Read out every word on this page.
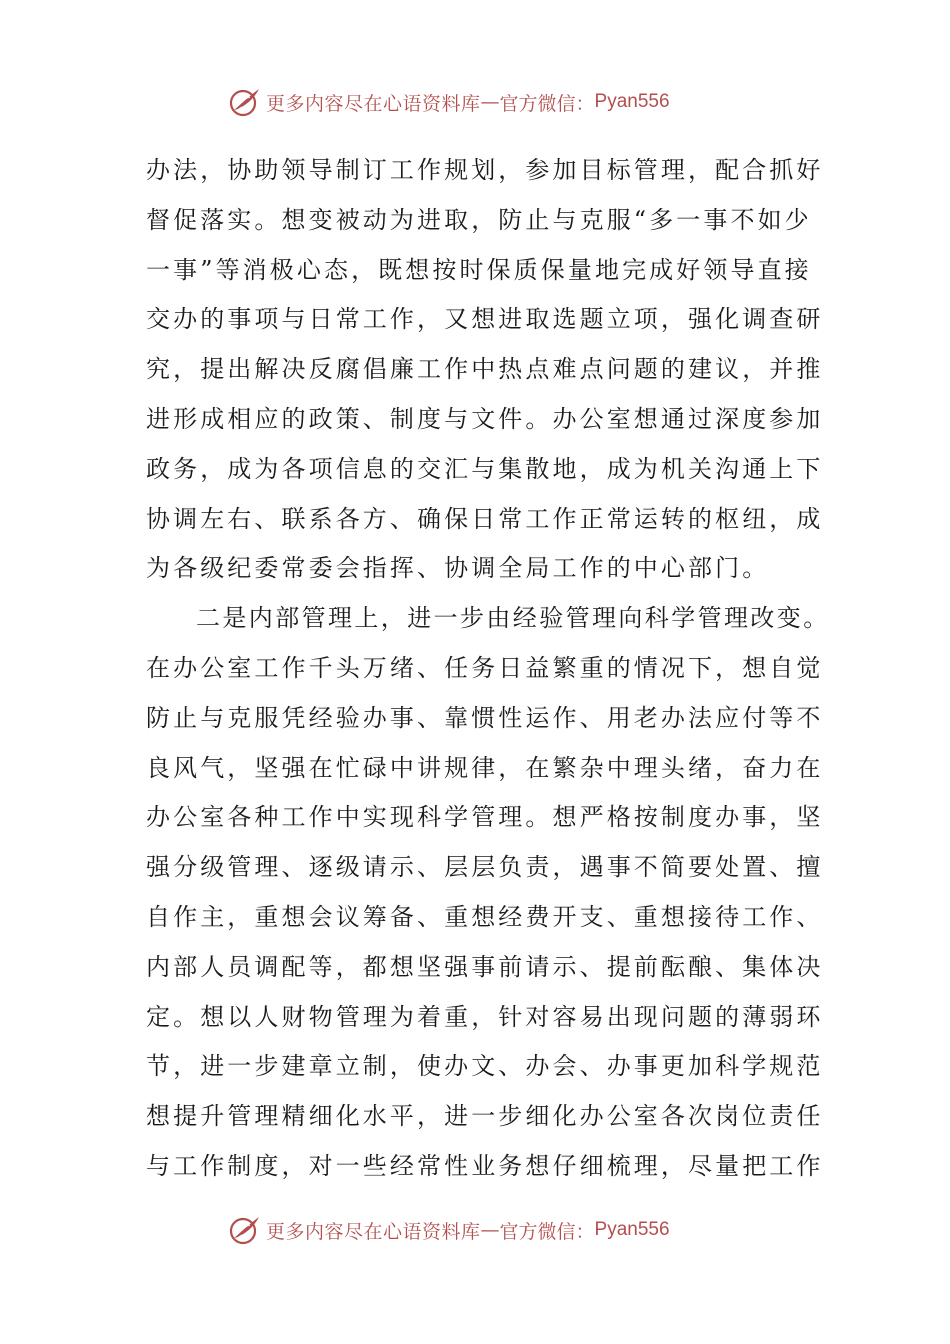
更多内容尽在心语资料库 — 官方微信： Pyan556
办法，协助领导制订工作规划，参加目标管理，配合抓好
督促落实。想变被动为进取，防止与克服“多一事不如少
一事”等消极心态，既想按时保质保量地完成好领导直接
交办的事项与日常工作，又想进取选题立项，强化调查研
究，提出解决反腐倡廉工作中热点难点问题的建议，并推
进形成相应的政策、制度与文件。办公室想通过深度参加
政务，成为各项信息的交汇与集散地，成为机关沟通上下
协调左右、联系各方、确保日常工作正常运转的枢纽，成
为各级纪委常委会指挥、协调全局工作的中心部门。
二是内部管理上，进一步由经验管理向科学管理改变。
在办公室工作千头万绪、任务日益繁重的情况下，想自觉
防止与克服凭经验办事、靠惯性运作、用老办法应付等不
良风气，坚强在忙碌中讲规律，在繁杂中理头绪，奋力在
办公室各种工作中实现科学管理。想严格按制度办事，坚
强分级管理、逐级请示、层层负责，遇事不简要处置、擅
自作主，重想会议筹备、重想经费开支、重想接待工作、
内部人员调配等，都想坚强事前请示、提前酝酿、集体决
定。想以人财物管理为着重，针对容易出现问题的薄弱环
节，进一步建章立制，使办文、办会、办事更加科学规范
想提升管理精细化水平，进一步细化办公室各次岗位责任
与工作制度，对一些经常性业务想仔细梳理，尽量把工作
更多内容尽在心语资料库 — 官方微信： Pyan556
